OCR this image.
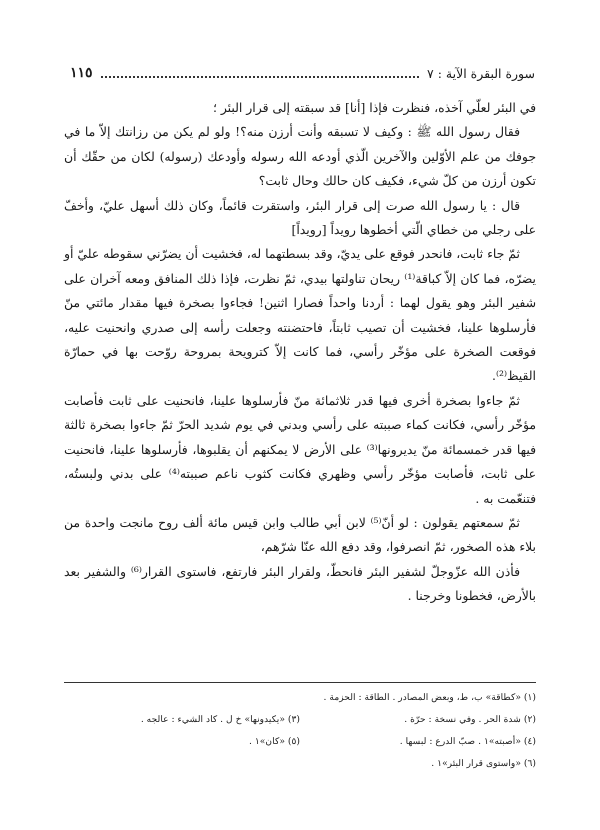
١١٥	سورة البقرة الآية : ٧

في البئر لعلّي آخذه، فنظرت فإذا [أنا] قد سبقته إلى قرار البئر ؛

فقال رسول الله ﷺ : وكيف لا تسبقه وأنت أرزن منه؟! ولو لم يكن من رزانتك إلاّ ما في جوفك من علم الأوّلين والآخرين الّذي أودعه الله رسوله وأودعك (رسوله) لكان من حقّك أن تكون أرزن من كلّ شيء، فكيف كان حالك وحال ثابت؟

قال : يا رسول الله صرت إلى قرار البئر، واستقرت قائماً، وكان ذلك أسهل عليّ، وأخفّ على رجلي من خطاي الّتي أخطوها رويداً [رويداً]

ثمّ جاء ثابت، فانحدر فوقع على يديّ، وقد بسطتهما له، فخشيت أن يضرّني سقوطه عليّ أو يضرّه، فما كان إلاّ كباقة⁽¹⁾ ريحان تناولتها بيدي، ثمّ نظرت، فإذا ذلك المنافق ومعه آخران على شفير البئر وهو يقول لهما : أردنا واحداً فصارا اثنين! فجاءوا بصخرة فيها مقدار مائتي منّ فأرسلوها علينا، فخشيت أن تصيب ثابتاً، فاحتضنته وجعلت رأسه إلى صدري وانحنيت عليه، فوقعت الصخرة على مؤخّر رأسي، فما كانت إلاّ كترويحة بمروحة روّحت بها في حمارّة القيظ⁽²⁾.

ثمّ جاءوا بصخرة أخرى فيها قدر ثلاثمائة منّ فأرسلوها علينا، فانحنيت على ثابت فأصابت مؤخّر رأسي، فكانت كماء صببته على رأسي وبدني في يوم شديد الحرّ ثمّ جاءوا بصخرة ثالثة فيها قدر خمسمائة منّ يديرونها⁽³⁾ على الأرض لا يمكنهم أن يقلبوها، فأرسلوها علينا، فانحنيت على ثابت، فأصابت مؤخّر رأسي وظهري فكانت كثوب ناعم صببته⁽⁴⁾ على بدني ولبستُه، فتنعّمت به .

ثمّ سمعتهم يقولون : لو أنّ⁽⁵⁾ لابن أبي طالب وابن قيس مائة ألف روح مانجت واحدة من بلاء هذه الصخور، ثمّ انصرفوا، وقد دفع الله عنّا شرّهم،

فأذن الله عزّوجلّ لشفير البئر فانحطّ، ولقرار البئر فارتفع، فاستوى القرار⁽⁶⁾ والشفير بعد بالأرض، فخطونا وخرجنا .

(١) «كطاقة» ب، ط، وبعض المصادر . الطاقة : الحزمة .
(٢) شدة الحر . وفي نسخة : حرّة .
(٣) «يكيدونها» خ ل . كاد الشيء : عالجه .
(٤) «أصبته»١ . صبّ الدرع : لبسها .
(٥) «كان»١ .
(٦) «واستوى قرار البئر»١ .
